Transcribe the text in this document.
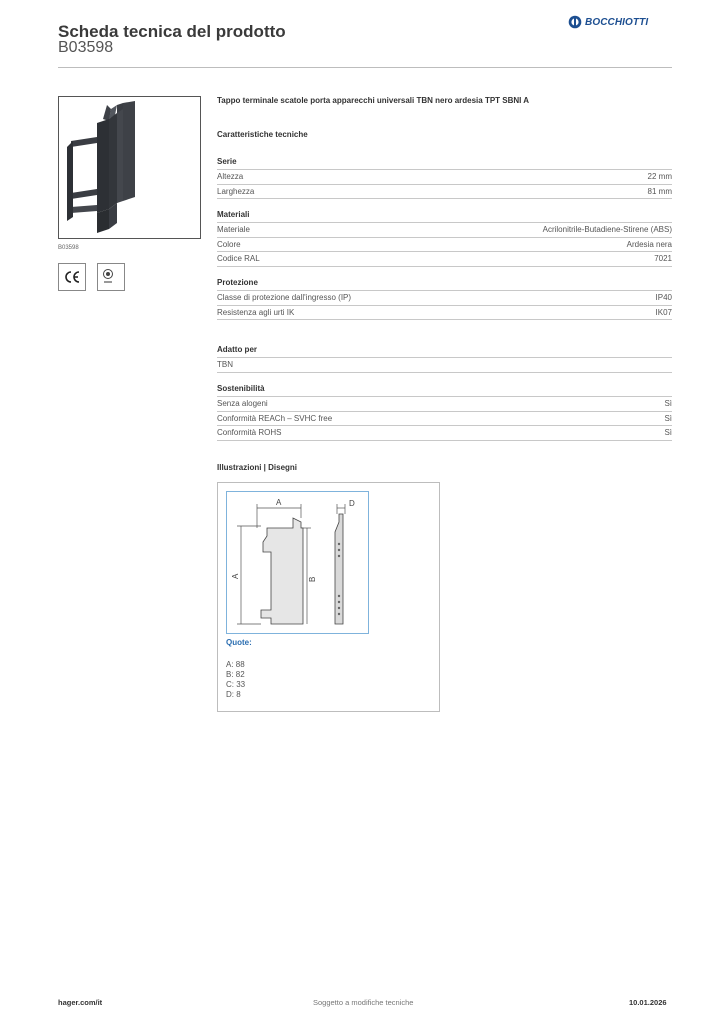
Scheda tecnica del prodotto
B03598
BOCCHIOTTI
B03598
Tappo terminale scatole porta apparecchi universali TBN nero ardesia TPT SBNI A
Caratteristiche tecniche
Serie
Altezza	22 mm
Larghezza	81 mm
Materiali
Materiale	Acrilonitrile-Butadiene-Stirene (ABS)
Colore	Ardesia nera
Codice RAL	7021
Protezione
Classe di protezione dall'ingresso (IP)	IP40
Resistenza agli urti IK	IK07
Adatto per
TBN
Sostenibilità
Senza alogeni	Sì
Conformità REACh – SVHC free	Sì
Conformità ROHS	Sì
Illustrazioni | Disegni
A	D
A
B
Quote:
A: 88
B: 82
C: 33
D: 8
hager.com/it	Soggetto a modifiche tecniche	10.01.2026
